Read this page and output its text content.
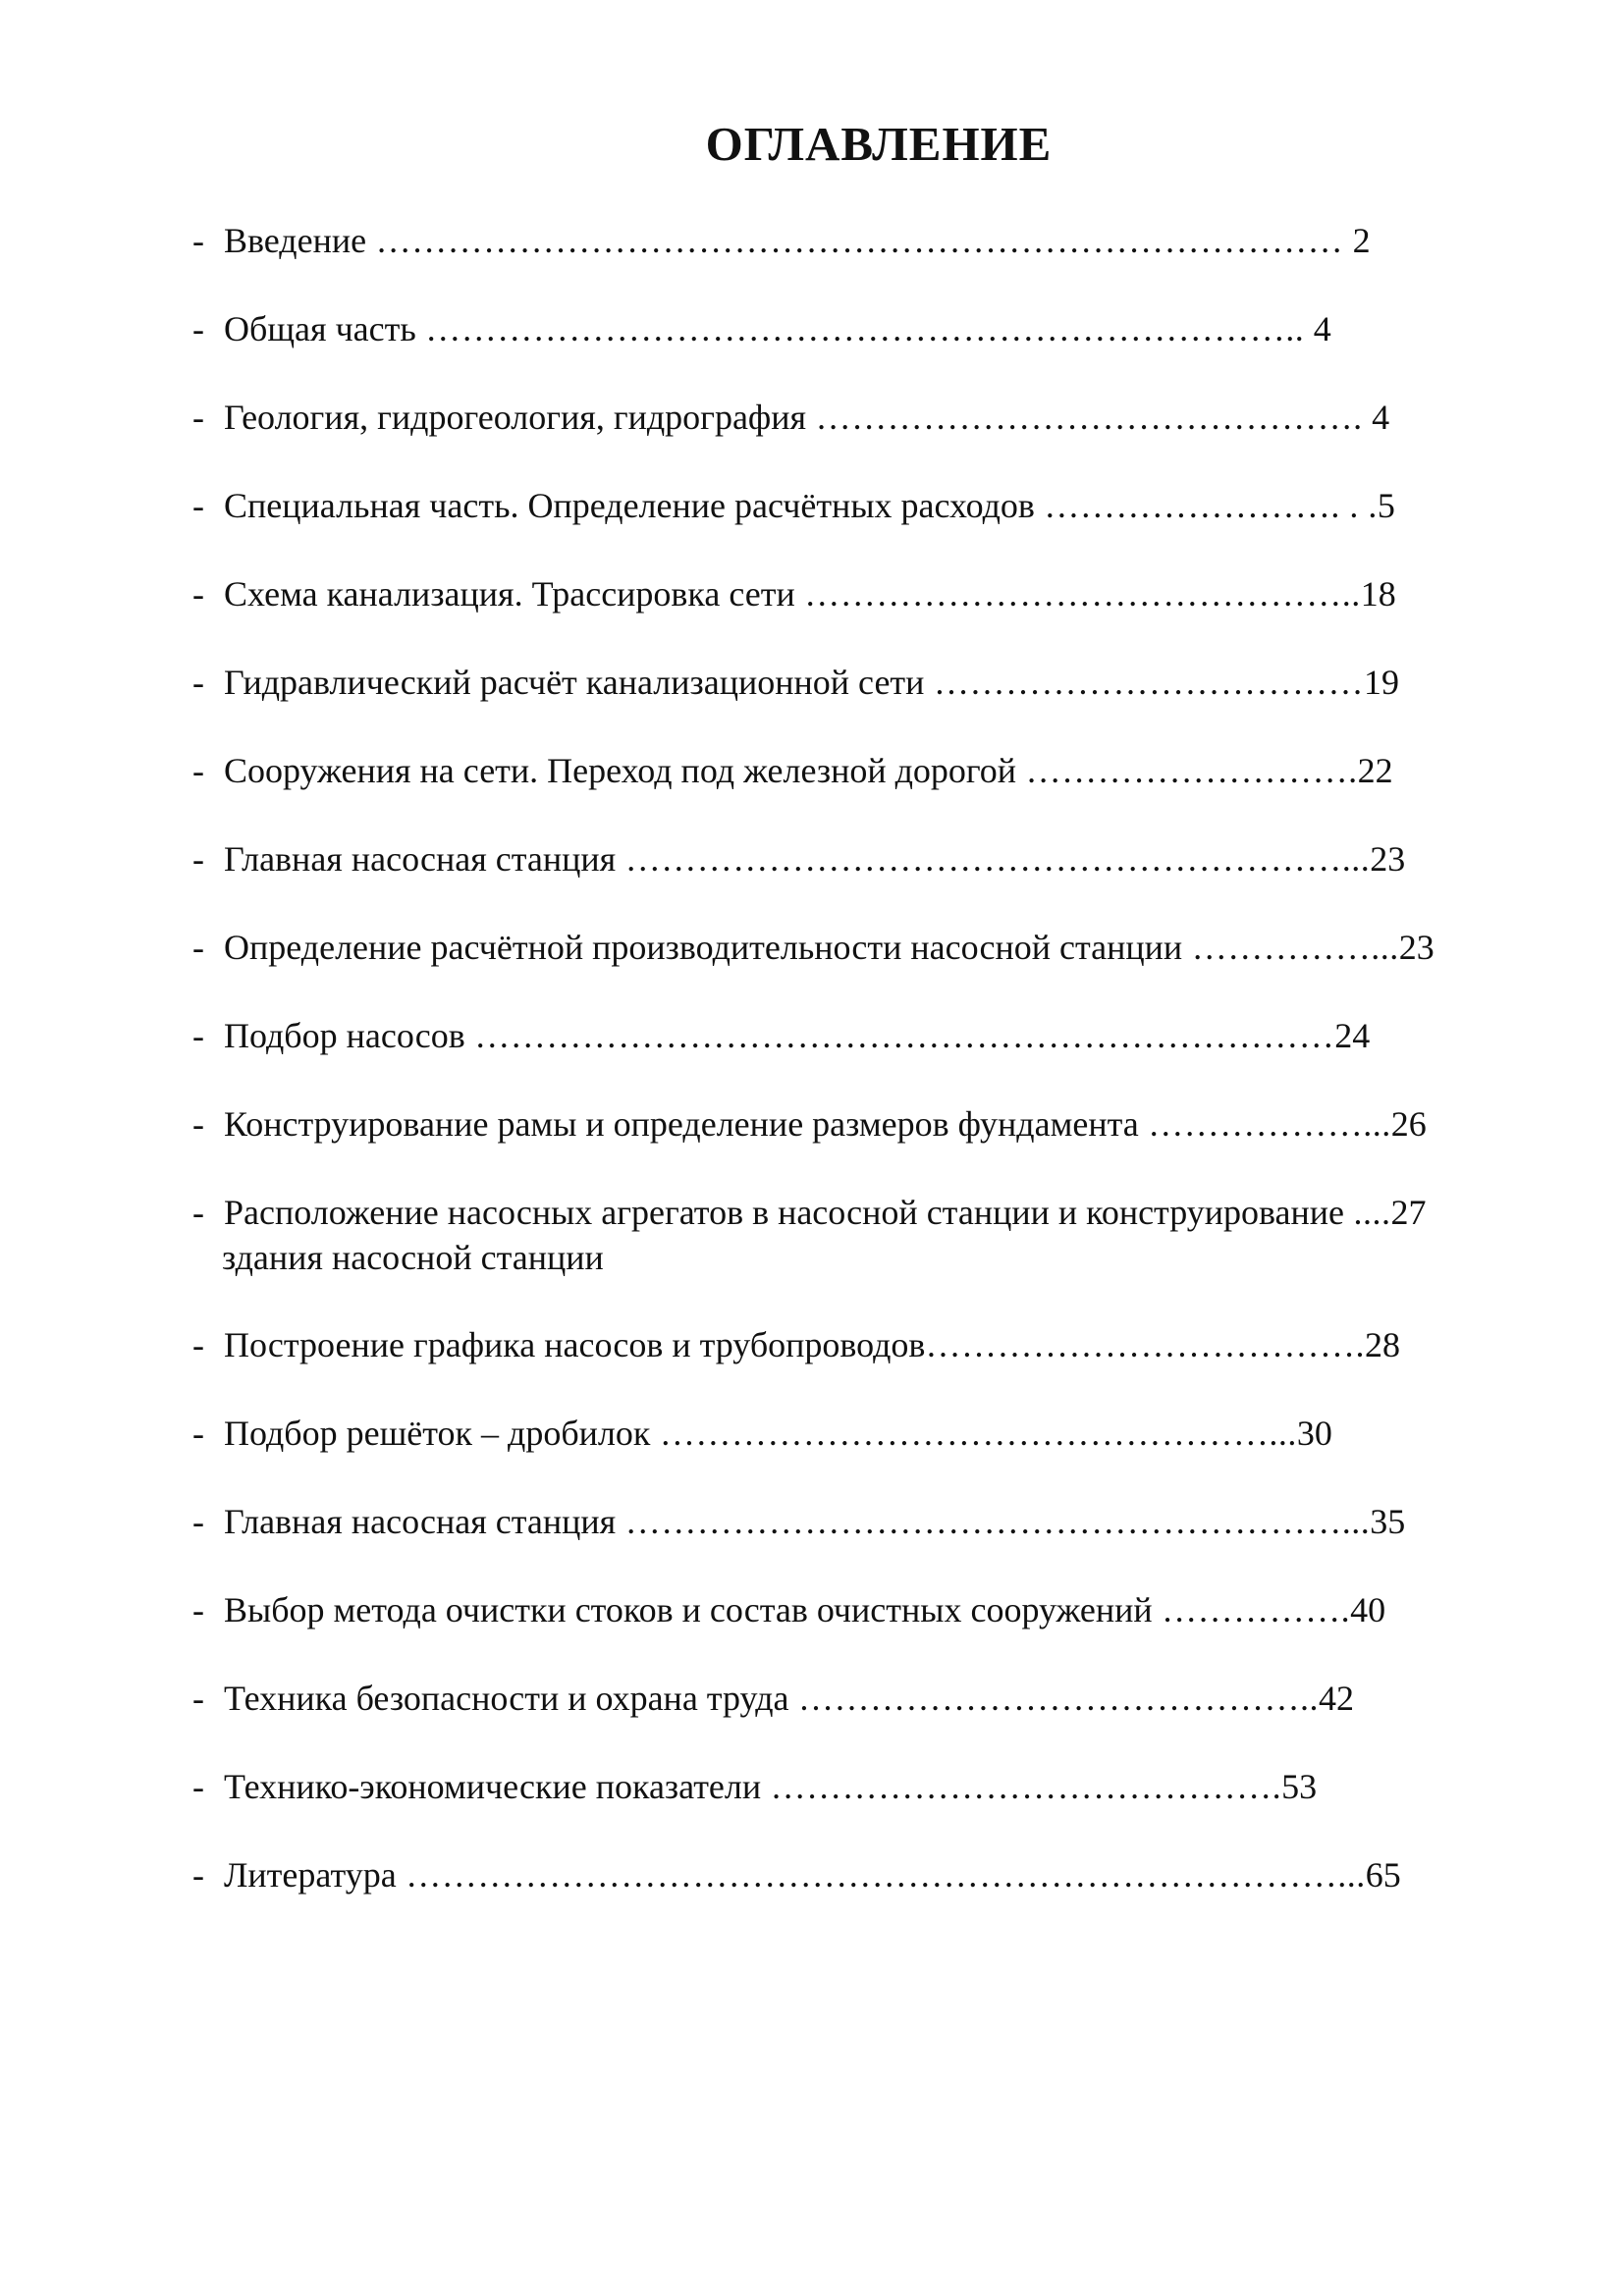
ОГЛАВЛЕНИЕ
- Введение ……………………………………………………………………… 2
- Общая часть ……………………………………………………………….. 4
- Геология, гидрогеология, гидрография ………………………………………. 4
- Специальная часть. Определение расчётных расходов ……………………. . .5
- Схема канализация. Трассировка сети ………………………………………..18
- Гидравлический расчёт канализационной сети ………………………………19
- Сооружения на сети. Переход под железной дорогой ……………………….22
- Главная насосная станция ……………………………………………………...23
- Определение расчётной производительности насосной станции ……………...23
- Подбор насосов ………………………………………………………………24
- Конструирование рамы и определение размеров фундамента ………………...26
- Расположение насосных агрегатов в насосной станции и конструирование ....27
здания насосной станции
- Построение графика насосов и трубопроводов……………………………….28
- Подбор решёток – дробилок ……………………………………………...30
- Главная насосная станция ……………………………………………………...35
- Выбор метода очистки стоков и состав очистных сооружений …………….40
- Техника безопасности и охрана труда ……………………………………..42
- Технико-экономические показатели …………………………………….53
- Литература ……………………………………………………………………...65
